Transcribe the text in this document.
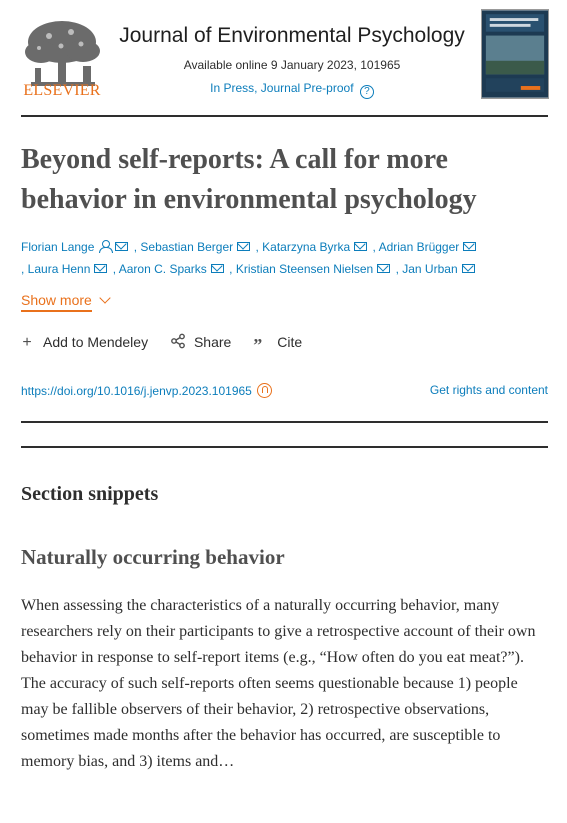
ELSEVIER
Journal of Environmental Psychology
Available online 9 January 2023, 101965
In Press, Journal Pre-proof ?
Beyond self-reports: A call for more behavior in environmental psychology
Florian Lange	, Sebastian Berger , Katarzyna Byrka , Adrian Brügger
, Laura Henn , Aaron C. Sparks , Kristian Steensen Nielsen , Jan Urban
Show more
+ Add to Mendeley	Share ” Cite
https://doi.org/10.1016/j.jenvp.2023.101965	Get rights and content
Section snippets
Naturally occurring behavior

When assessing the characteristics of a naturally occurring behavior, many researchers rely on their participants to give a retrospective account of their own behavior in response to self-report items (e.g., “How often do you eat meat?”). The accuracy of such self-reports often seems questionable because 1) people may be fallible observers of their behavior, 2) retrospective observations, sometimes made months after the behavior has occurred, are susceptible to memory bias, and 3) items and…
